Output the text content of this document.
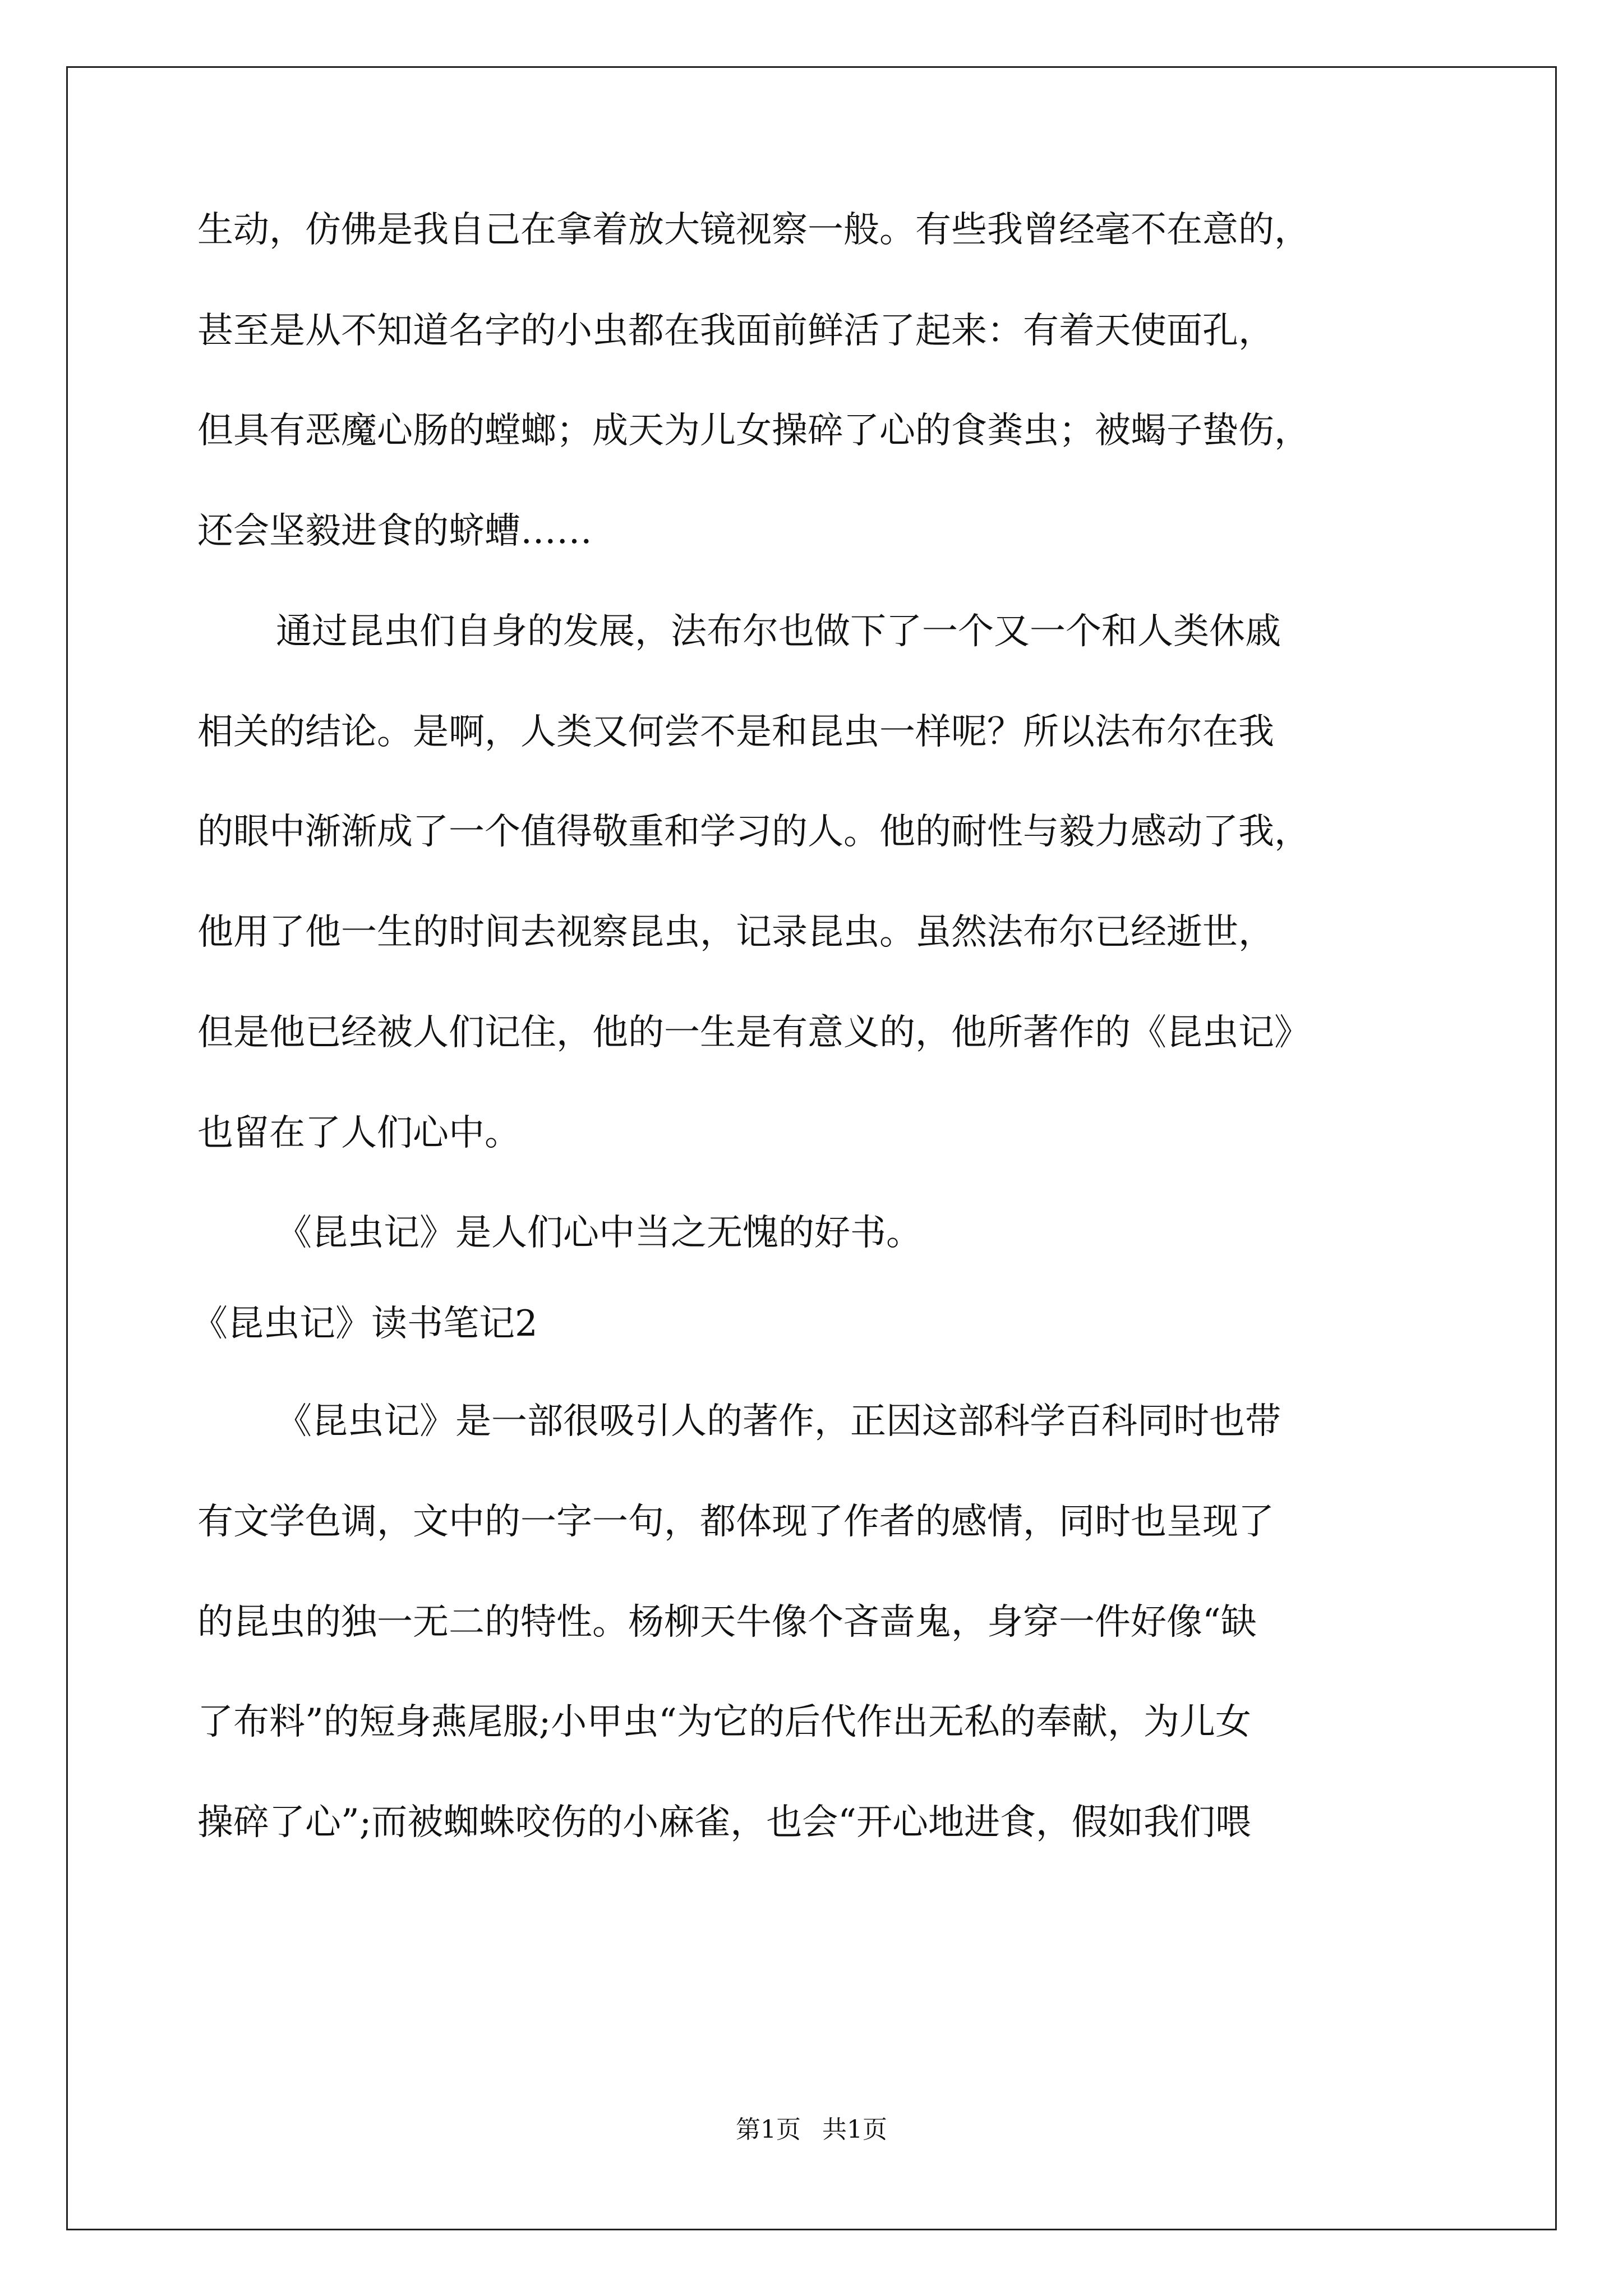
生动，仿佛是我自己在拿着放大镜视察一般。有些我曾经毫不在意的，

甚至是从不知道名字的小虫都在我面前鲜活了起来：有着天使面孔，

但具有恶魔心肠的螳螂；成天为儿女操碎了心的食粪虫；被蝎子蛰伤，

还会坚毅进食的蛴螬……

通过昆虫们自身的发展，法布尔也做下了一个又一个和人类休戚

相关的结论。是啊，人类又何尝不是和昆虫一样呢？所以法布尔在我

的眼中渐渐成了一个值得敬重和学习的人。他的耐性与毅力感动了我，

他用了他一生的时间去视察昆虫，记录昆虫。虽然法布尔已经逝世，

但是他已经被人们记住，他的一生是有意义的，他所著作的《昆虫记》

也留在了人们心中。

《昆虫记》是人们心中当之无愧的好书。

《昆虫记》读书笔记2

《昆虫记》是一部很吸引人的著作，正因这部科学百科同时也带

有文学色调，文中的一字一句，都体现了作者的感情，同时也呈现了

的昆虫的独一无二的特性。杨柳天牛像个吝啬鬼，身穿一件好像“缺

了布料”的短身燕尾服;小甲虫“为它的后代作出无私的奉献，为儿女

操碎了心”;而被蜘蛛咬伤的小麻雀，也会“开心地进食，假如我们喂

第1页 共1页
